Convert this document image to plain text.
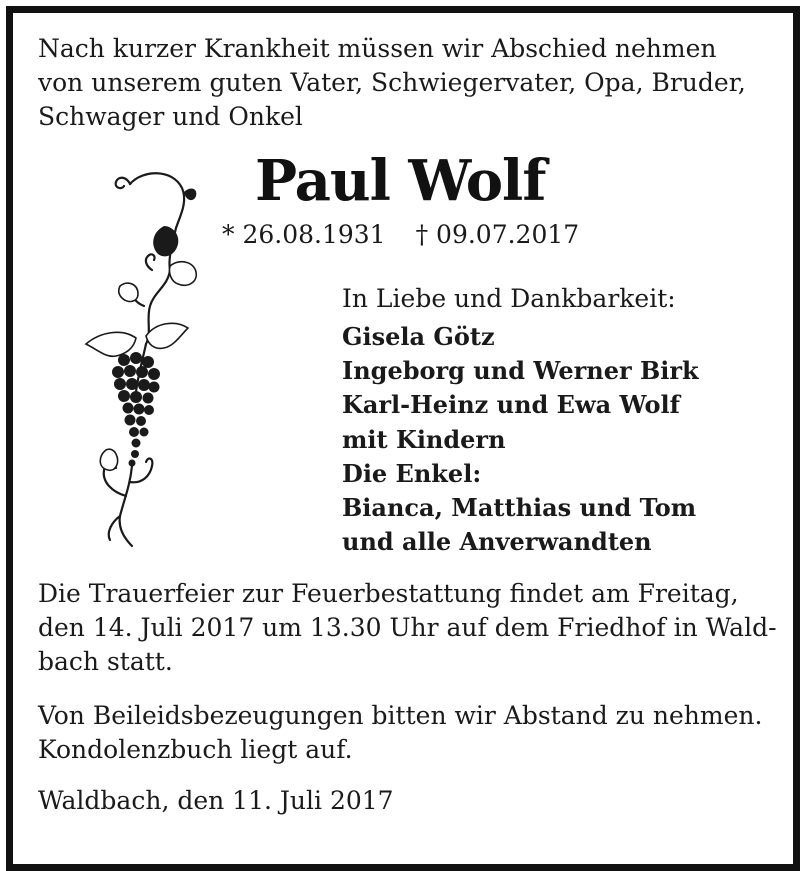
Nach kurzer Krankheit müssen wir Abschied nehmen
von unserem guten Vater, Schwiegervater, Opa, Bruder,
Schwager und Onkel
Paul Wolf
* 26.08.1931 † 09.07.2017
In Liebe und Dankbarkeit:
Gisela Götz
Ingeborg und Werner Birk
Karl-Heinz und Ewa Wolf
mit Kindern
Die Enkel:
Bianca, Matthias und Tom
und alle Anverwandten
Die Trauerfeier zur Feuerbestattung findet am Freitag,
den 14. Juli 2017 um 13.30 Uhr auf dem Friedhof in Wald-
bach statt.
Von Beileidsbezeugungen bitten wir Abstand zu nehmen.
Kondolenzbuch liegt auf.
Waldbach, den 11. Juli 2017
